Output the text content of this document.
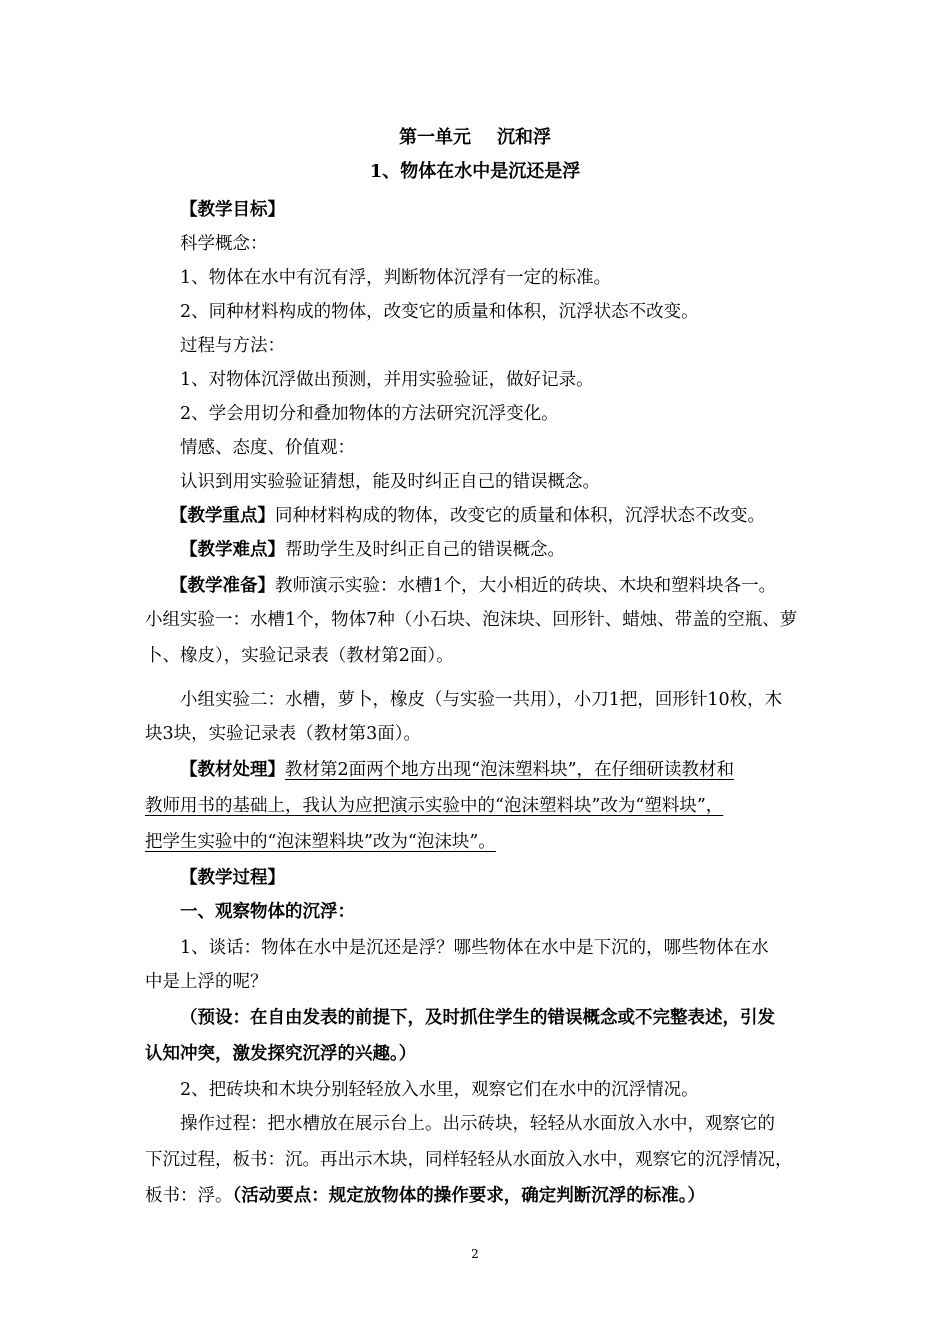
第一单元 沉和浮
1、物体在水中是沉还是浮
【教学目标】
科学概念：
1、物体在水中有沉有浮，判断物体沉浮有一定的标准。
2、同种材料构成的物体，改变它的质量和体积，沉浮状态不改变。
过程与方法：
1、对物体沉浮做出预测，并用实验验证，做好记录。
2、学会用切分和叠加物体的方法研究沉浮变化。
情感、态度、价值观：
认识到用实验验证猜想，能及时纠正自己的错误概念。
【教学重点】同种材料构成的物体，改变它的质量和体积，沉浮状态不改变。
【教学难点】帮助学生及时纠正自己的错误概念。
【教学准备】教师演示实验：水槽1个，大小相近的砖块、木块和塑料块各一。
小组实验一：水槽1个，物体7种（小石块、泡沫块、回形针、蜡烛、带盖的空瓶、萝
卜、橡皮），实验记录表（教材第2面）。
小组实验二：水槽，萝卜，橡皮（与实验一共用），小刀1把，回形针10枚，木
块3块，实验记录表（教材第3面）。
【教材处理】教材第2面两个地方出现“泡沫塑料块”，在仔细研读教材和
教师用书的基础上，我认为应把演示实验中的“泡沫塑料块”改为“塑料块”，
把学生实验中的“泡沫塑料块”改为“泡沫块”。
【教学过程】
一、观察物体的沉浮：
1、谈话：物体在水中是沉还是浮？哪些物体在水中是下沉的，哪些物体在水
中是上浮的呢？
（预设：在自由发表的前提下，及时抓住学生的错误概念或不完整表述，引发
认知冲突，激发探究沉浮的兴趣。）
2、把砖块和木块分别轻轻放入水里，观察它们在水中的沉浮情况。
操作过程：把水槽放在展示台上。出示砖块，轻轻从水面放入水中，观察它的
下沉过程，板书：沉。再出示木块，同样轻轻从水面放入水中，观察它的沉浮情况，
板书：浮。（活动要点：规定放物体的操作要求，确定判断沉浮的标准。）
2
